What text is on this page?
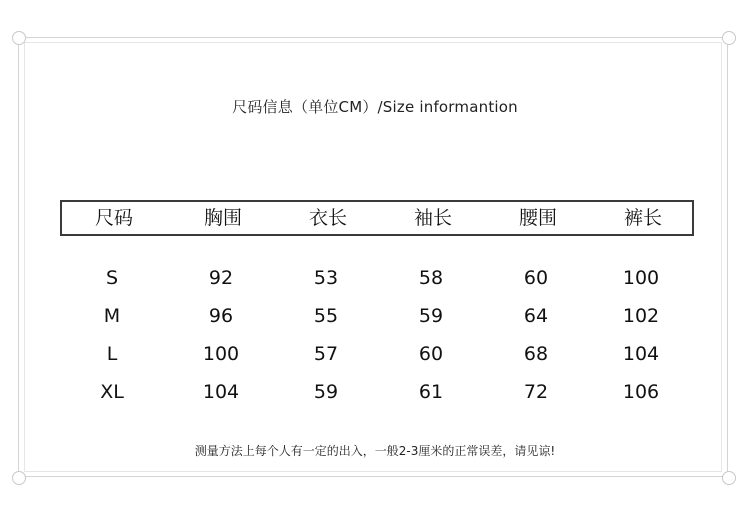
尺码信息（单位CM）/Size informantion
尺码	胸围	衣长	袖长	腰围	裤长
S	92	53	58	60	100
M	96	55	59	64	102
L	100	57	60	68	104
XL	104	59	61	72	106
测量方法上每个人有一定的出入，一般2-3厘米的正常误差，请见谅!
